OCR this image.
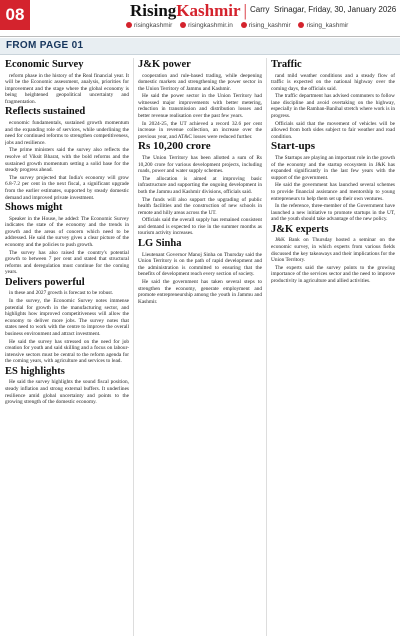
08	RisingKashmir | Carry Srinagar, Friday, 30, January 2026
risingkashmir risingkashmir.in rising_kashmir rising_kashmir
FROM PAGE 01
Economic Survey

reform phase in the history of the Real financial year. It will be the Economic assessment, analysis, priorities for improvement and the stage where the global economy is being heightened geopolitical uncertainty and fragmentation.

Reflects sustained

economic fundamentals, sustained growth momentum and the expanding role of services, while underlining the need for continued reforms to strengthen competitiveness, jobs and resilience.

The prime ministers said the survey also reflects the resolve of Viksit Bharat, with the bold reforms and the sustained growth momentum setting a solid base for the steady progress ahead.

The survey projected that India's economy will grow 6.8-7.2 per cent in the next fiscal, a significant upgrade from the earlier estimates, supported by steady domestic demand and improved private investment.

Shows might

Speaker in the House, he added: The Economic Survey indicates the state of the economy and the trends in growth and the areas of concern which need to be addressed. He said the survey gives a clear picture of the economy and the policies to push growth.

The survey has also raised the country's potential growth to between 7 per cent and stated that structural reforms and deregulation must continue for the coming years.

Delivers powerful

in these and 2027 growth is forecast to be robust.

In the survey, the Economic Survey notes immense potential for growth in the manufacturing sector, and highlights how improved competitiveness will allow the economy to deliver more jobs. The survey notes that states need to work with the centre to improve the overall business environment and attract investment.

He said the survey has stressed on the need for job creation for youth and said skilling and a focus on labour-intensive sectors must be central to the reform agenda for the coming years, with agriculture and services to lead.

ES highlights

He said the survey highlights the sound fiscal position, steady inflation and strong external buffers. It underlines resilience amid global uncertainty and points to the growing strength of the domestic economy.

J&K power

cooperation and rule-based trading, while deepening domestic markets and strengthening the power sector in the Union Territory of Jammu and Kashmir.

He said the power sector in the Union Territory had witnessed major improvements with better metering, reduction in transmission and distribution losses and better revenue realisation over the past few years.

In 2024-25, the UT achieved a record 32.6 per cent increase in revenue collection, an increase over the previous year, and AT&C losses were reduced further.

Rs 10,200 crore

The Union Territory has been allotted a sum of Rs 10,200 crore for various development projects, including roads, power and water supply schemes.

The allocation is aimed at improving basic infrastructure and supporting the ongoing development in both the Jammu and Kashmir divisions, officials said.

The funds will also support the upgrading of public health facilities and the construction of new schools in remote and hilly areas across the UT.

Officials said the overall supply has remained consistent and demand is expected to rise in the summer months as tourism activity increases.

LG Sinha

Lieutenant Governor Manoj Sinha on Thursday said the Union Territory is on the path of rapid development and the administration is committed to ensuring that the benefits of development reach every section of society.

He said the government has taken several steps to strengthen the economy, generate employment and promote entrepreneurship among the youth in Jammu and Kashmir.

Traffic

rand mild weather conditions and a steady flow of traffic is expected on the national highway over the coming days, the officials said.

The traffic department has advised commuters to follow lane discipline and avoid overtaking on the highway, especially in the Ramban-Banihal stretch where work is in progress.

Officials said that the movement of vehicles will be allowed from both sides subject to fair weather and road condition.

Start-ups

The Startups are playing an important role in the growth of the economy and the startup ecosystem in J&K has expanded significantly in the last few years with the support of the government.

He said the government has launched several schemes to provide financial assistance and mentorship to young entrepreneurs to help them set up their own ventures.

In the reference, three-member of the Government have launched a new initiative to promote startups in the UT, and the youth should take advantage of the new policy.

J&K experts

J&K Bank on Thursday hosted a seminar on the economic survey, in which experts from various fields discussed the key takeaways and their implications for the Union Territory.

The experts said the survey points to the growing importance of the services sector and the need to improve productivity in agriculture and allied activities.
